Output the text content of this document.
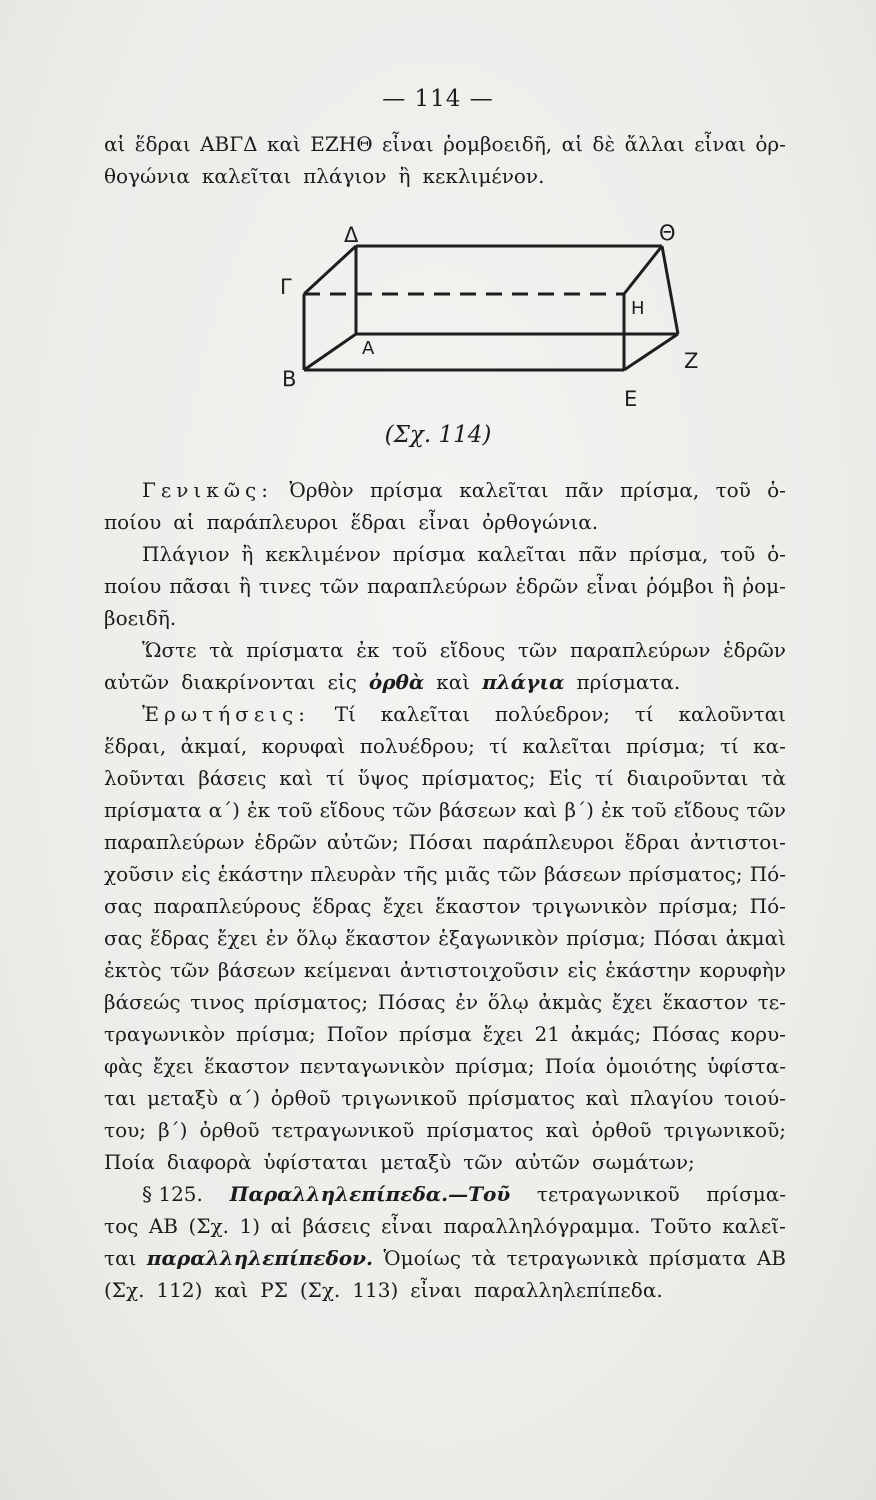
— 114 —
αἱ ἕδραι ΑΒΓΔ καὶ ΕΖΗΘ εἶναι ῥομβοειδῆ, αἱ δὲ ἄλλαι εἶναι ὀρ-
θογώνια καλεῖται πλάγιον ἢ κεκλιμένον.
Δ	Θ
Γ
Η
Α
Ζ
Β
Ε
(Σχ. 114)
Γενικῶς: Ὀρθὸν πρίσμα καλεῖται πᾶν πρίσμα, τοῦ ὁ-
ποίου αἱ παράπλευροι ἕδραι εἶναι ὀρθογώνια.
Πλάγιον ἢ κεκλιμένον πρίσμα καλεῖται πᾶν πρίσμα, τοῦ ὁ-
ποίου πᾶσαι ἢ τινες τῶν παραπλεύρων ἑδρῶν εἶναι ῥόμβοι ἢ ῥομ-
βοειδῆ.
Ὥστε τὰ πρίσματα ἐκ τοῦ εἴδους τῶν παραπλεύρων ἑδρῶν
αὐτῶν διακρίνονται εἰς ὀρθὰ καὶ πλάγια πρίσματα.
Ἐρωτήσεις: Τί καλεῖται πολύεδρον; τί καλοῦνται
ἕδραι, ἀκμαί, κορυφαὶ πολυέδρου; τί καλεῖται πρίσμα; τί κα-
λοῦνται βάσεις καὶ τί ὕψος πρίσματος; Εἰς τί διαιροῦνται τὰ
πρίσματα α΄) ἐκ τοῦ εἴδους τῶν βάσεων καὶ β΄) ἐκ τοῦ εἴδους τῶν
παραπλεύρων ἑδρῶν αὐτῶν; Πόσαι παράπλευροι ἕδραι ἀντιστοι-
χοῦσιν εἰς ἑκάστην πλευρὰν τῆς μιᾶς τῶν βάσεων πρίσματος; Πό-
σας παραπλεύρους ἕδρας ἔχει ἕκαστον τριγωνικὸν πρίσμα; Πό-
σας ἕδρας ἔχει ἐν ὅλῳ ἕκαστον ἑξαγωνικὸν πρίσμα; Πόσαι ἀκμαὶ
ἐκτὸς τῶν βάσεων κείμεναι ἀντιστοιχοῦσιν εἰς ἑκάστην κορυφὴν
βάσεώς τινος πρίσματος; Πόσας ἐν ὅλῳ ἀκμὰς ἔχει ἕκαστον τε-
τραγωνικὸν πρίσμα; Ποῖον πρίσμα ἔχει 21 ἀκμάς; Πόσας κορυ-
φὰς ἔχει ἕκαστον πενταγωνικὸν πρίσμα; Ποία ὁμοιότης ὑφίστα-
ται μεταξὺ α΄) ὀρθοῦ τριγωνικοῦ πρίσματος καὶ πλαγίου τοιού-
του; β΄) ὀρθοῦ τετραγωνικοῦ πρίσματος καὶ ὀρθοῦ τριγωνικοῦ;
Ποία διαφορὰ ὑφίσταται μεταξὺ τῶν αὐτῶν σωμάτων;
§ 125. Παραλληλεπίπεδα.—Τοῦ τετραγωνικοῦ πρίσμα-
τος ΑΒ (Σχ. 1) αἱ βάσεις εἶναι παραλληλόγραμμα. Τοῦτο καλεῖ-
ται παραλληλεπίπεδον. Ὁμοίως τὰ τετραγωνικὰ πρίσματα ΑΒ
(Σχ. 112) καὶ ΡΣ (Σχ. 113) εἶναι παραλληλεπίπεδα.
